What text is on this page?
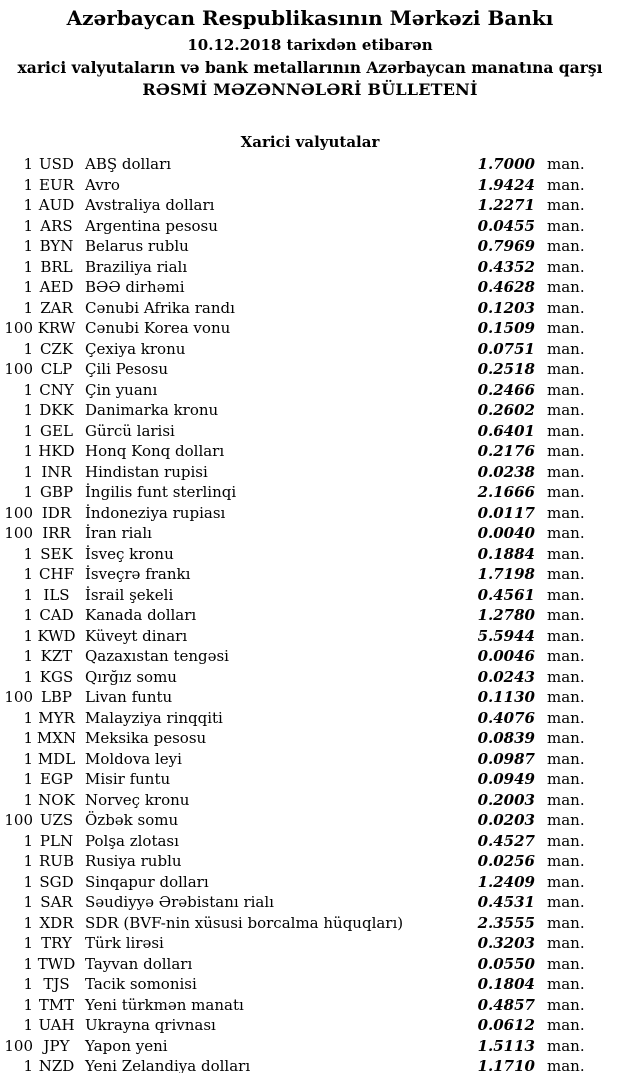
Azərbaycan Respublikasının Mərkəzi Bankı
10.12.2018 tarixdən etibarən
xarici valyutaların və bank metallarının Azərbaycan manatına qarşı
RƏSMİ MƏZƏNNƏLƏRİ BÜLLETENİ
Xarici valyutalar
1 USD ABŞ dolları	1.7000 man.
1 EUR Avro	1.9424 man.
1 AUD Avstraliya dolları	1.2271 man.
1 ARS Argentina pesosu	0.0455 man.
1 BYN Belarus rublu	0.7969 man.
1 BRL Braziliya rialı	0.4352 man.
1 AED BƏƏ dirhəmi	0.4628 man.
1 ZAR Cənubi Afrika randı	0.1203 man.
100 KRW Cənubi Korea vonu	0.1509 man.
1 CZK Çexiya kronu	0.0751 man.
100 CLP Çili Pesosu	0.2518 man.
1 CNY Çin yuanı	0.2466 man.
1 DKK Danimarka kronu	0.2602 man.
1 GEL Gürcü larisi	0.6401 man.
1 HKD Honq Konq dolları	0.2176 man.
1 INR Hindistan rupisi	0.0238 man.
1 GBP İngilis funt sterlinqi	2.1666 man.
100 IDR İndoneziya rupiası	0.0117 man.
100 IRR İran rialı	0.0040 man.
1 SEK İsveç kronu	0.1884 man.
1 CHF İsveçrə frankı	1.7198 man.
1 ILS	İsrail şekeli	0.4561 man.
1 CAD Kanada dolları	1.2780 man.
1 KWD Küveyt dinarı	5.5944 man.
1 KZT Qazaxıstan tengəsi	0.0046 man.
1 KGS Qırğız somu	0.0243 man.
100 LBP Livan funtu	0.1130 man.
1 MYR Malayziya rinqqiti	0.4076 man.
1 MXN Meksika pesosu	0.0839 man.
1 MDL Moldova leyi	0.0987 man.
1 EGP Misir funtu	0.0949 man.
1 NOK Norveç kronu	0.2003 man.
100 UZS Özbək somu	0.0203 man.
1 PLN Polşa zlotası	0.4527 man.
1 RUB Rusiya rublu	0.0256 man.
1 SGD Sinqapur dolları	1.2409 man.
1 SAR Səudiyyə Ərəbistanı rialı	0.4531 man.
1 XDR SDR (BVF-nin xüsusi borcalma hüquqları)	2.3555 man.
1 TRY Türk lirəsi	0.3203 man.
1 TWD Tayvan dolları	0.0550 man.
1 TJS	Tacik somonisi	0.1804 man.
1 TMT Yeni türkmən manatı	0.4857 man.
1 UAH Ukrayna qrivnası	0.0612 man.
100 JPY	Yapon yeni	1.5113 man.
1 NZD Yeni Zelandiya dolları	1.1710 man.
